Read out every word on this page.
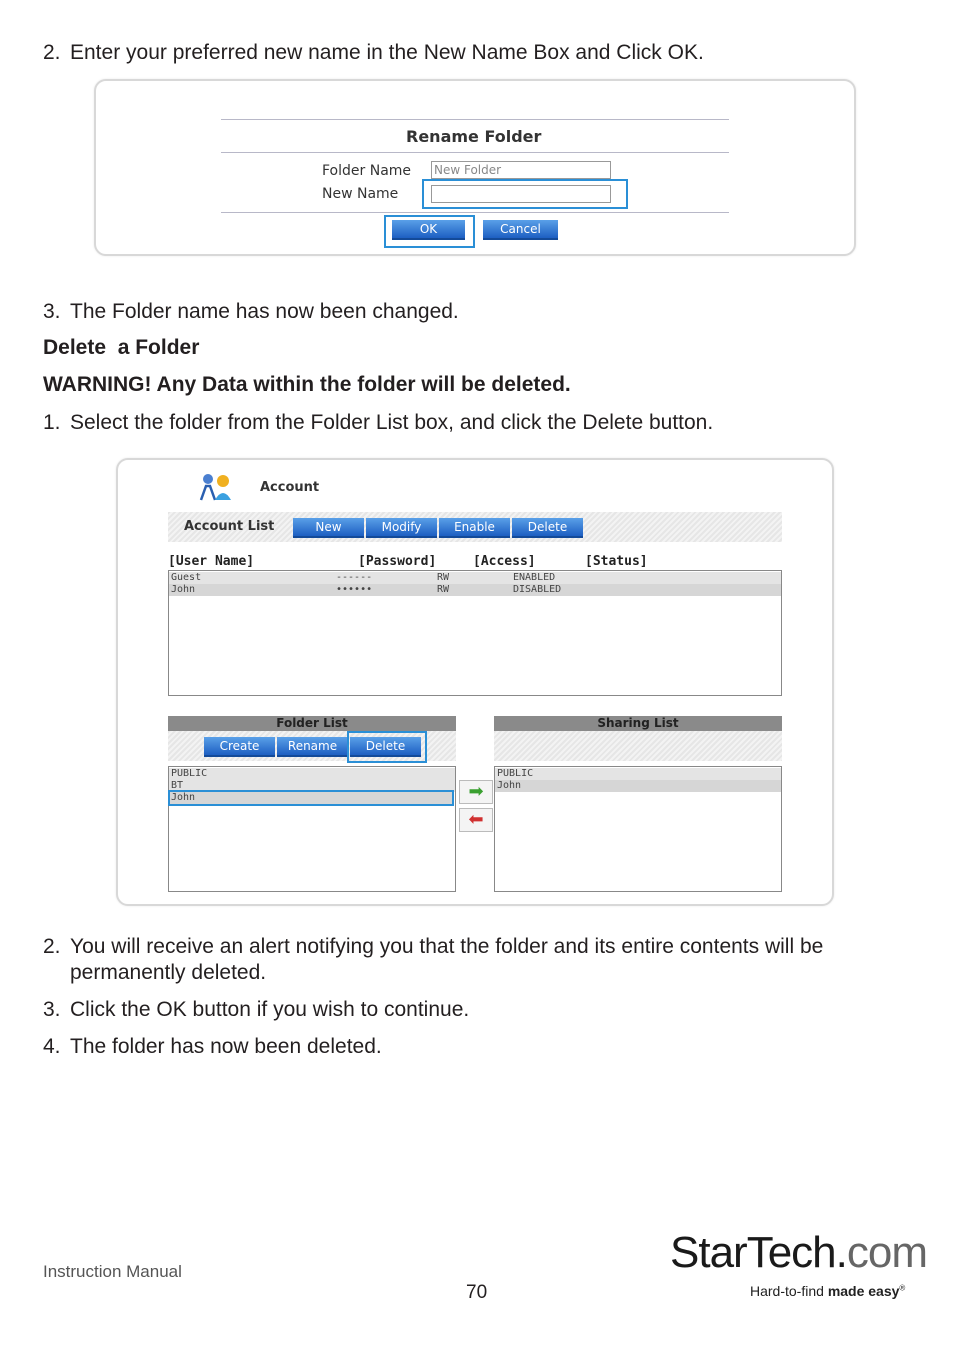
2. Enter your preferred new name in the New Name Box and Click OK.
Rename Folder
Folder Name New Folder
New Name
OK	Cancel
3. The Folder name has now been changed.
Delete  a Folder
WARNING! Any Data within the folder will be deleted.
1. Select the folder from the Folder List box, and click the Delete button.
Account
Account List	New	Modify	Enable	Delete
[User Name]	[Password]	[Access]	[Status]
Guest	------	RW	ENABLED
John	••••••	RW	DISABLED
Folder List
Create	Rename	Delete
PUBLIC
BT
John	➡
⬅
Sharing List
PUBLIC
John
2. You will receive an alert notifying you that the folder and its entire contents will be
permanently deleted.
3. Click the OK button if you wish to continue.
4. The folder has now been deleted.
Instruction Manual
70
StarTech.com
Hard-to-find made easy®
